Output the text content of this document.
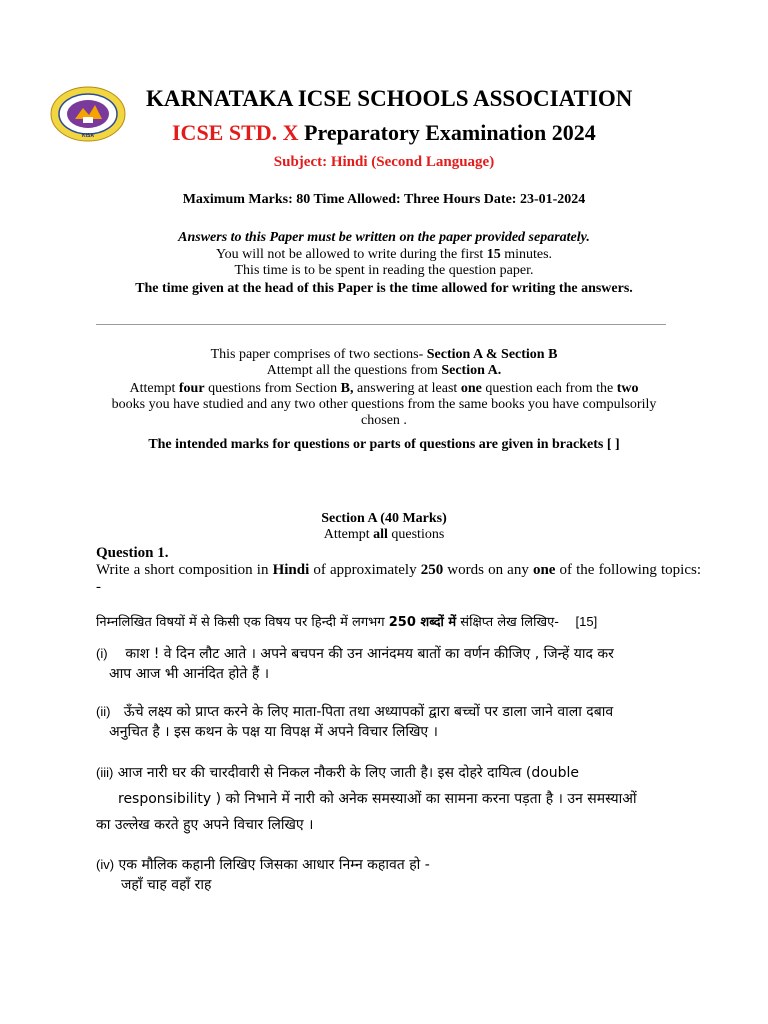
KISA
KARNATAKA ICSE SCHOOLS ASSOCIATION
ICSE STD. X Preparatory Examination 2024
Subject: Hindi (Second Language)
Maximum Marks: 80 Time Allowed: Three Hours Date: 23-01-2024
Answers to this Paper must be written on the paper provided separately.
You will not be allowed to write during the first 15 minutes.
This time is to be spent in reading the question paper.
The time given at the head of this Paper is the time allowed for writing the answers.
This paper comprises of two sections- Section A & Section B
Attempt all the questions from Section A.
Attempt four questions from Section B, answering at least one question each from the two
books you have studied and any two other questions from the same books you have compulsorily chosen .
The intended marks for questions or parts of questions are given in brackets [ ]
Section A (40 Marks)
Attempt all questions
Question 1.
Write a short composition in Hindi of approximately 250 words on any one of the following topics: -
निम्नलिखित विषयों में से किसी एक विषय पर हिन्दी में लगभग 250 शब्दों में संक्षिप्त लेख लिखिए- [15]
(i) काश ! वे दिन लौट आते । अपने बचपन की उन आनंदमय बातों का वर्णन कीजिए , जिन्हें याद कर
आप आज भी आनंदित होते हैं ।
(ii) ऊँचे लक्ष्य को प्राप्त करने के लिए माता-पिता तथा अध्यापकों द्वारा बच्चों पर डाला जाने वाला दबाव
अनुचित है । इस कथन के पक्ष या विपक्ष में अपने विचार लिखिए ।
(iii) आज नारी घर की चारदीवारी से निकल नौकरी के लिए जाती है। इस दोहरे दायित्व (double
responsibility ) को निभाने में नारी को अनेक समस्याओं का सामना करना पड़ता है । उन समस्याओं
का उल्लेख करते हुए अपने विचार लिखिए ।
(iv) एक मौलिक कहानी लिखिए जिसका आधार निम्न कहावत हो -
जहाँ चाह वहाँ राह
